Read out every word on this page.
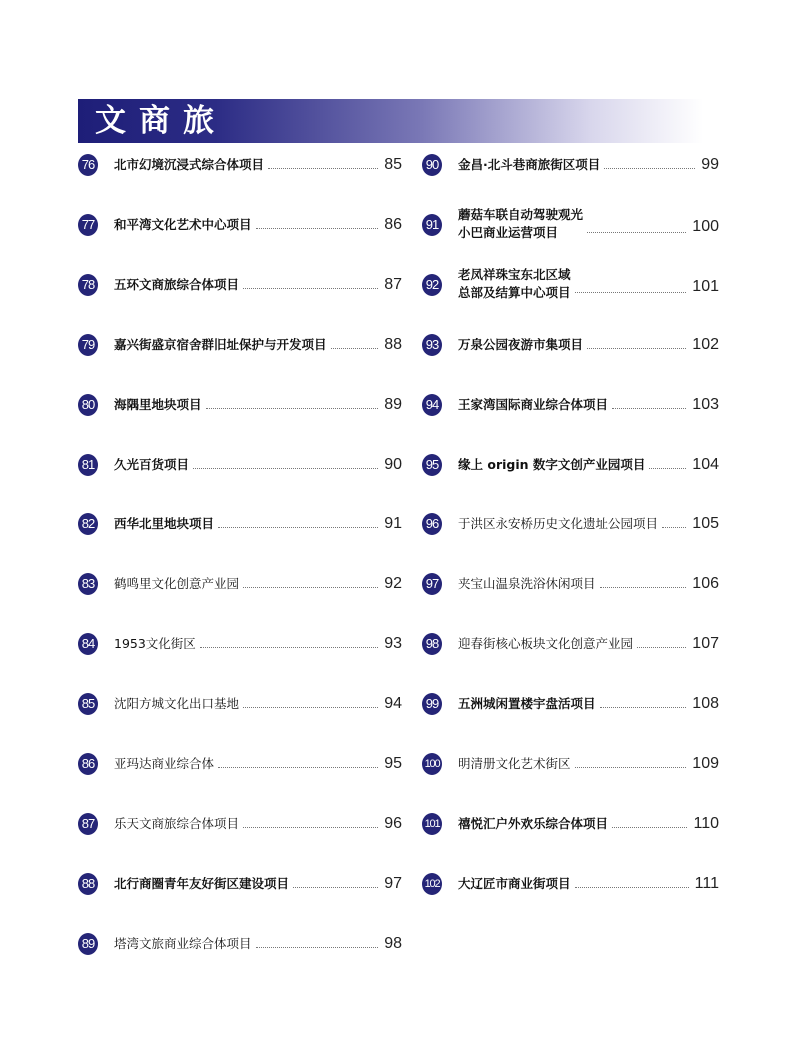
文商旅
76	北市幻境沉浸式综合体项目	85
77	和平湾文化艺术中心项目	86
78	五环文商旅综合体项目	87
79	嘉兴街盛京宿舍群旧址保护与开发项目	88
80	海隅里地块项目	89
81	久光百货项目	90
82	西华北里地块项目	91
83	鹤鸣里文化创意产业园	92
84	1953文化街区	93
85	沈阳方城文化出口基地	94
86	亚玛达商业综合体	95
87	乐天文商旅综合体项目	96
88	北行商圈青年友好街区建设项目	97
89	塔湾文旅商业综合体项目	98
90	金昌·北斗巷商旅街区项目	99
91
蘑菇车联自动驾驶观光
小巴商业运营项目	100
92
老凤祥珠宝东北区域
总部及结算中心项目	101
93	万泉公园夜游市集项目	102
94	王家湾国际商业综合体项目	103
95	缘上 origin 数字文创产业园项目	104
96	于洪区永安桥历史文化遗址公园项目 105
97	夹宝山温泉洗浴休闲项目	106
98	迎春街核心板块文化创意产业园	107
99	五洲城闲置楼宇盘活项目	108
100 明清册文化艺术街区	109
101 禧悦汇户外欢乐综合体项目	110
102 大辽匠市商业街项目	111
